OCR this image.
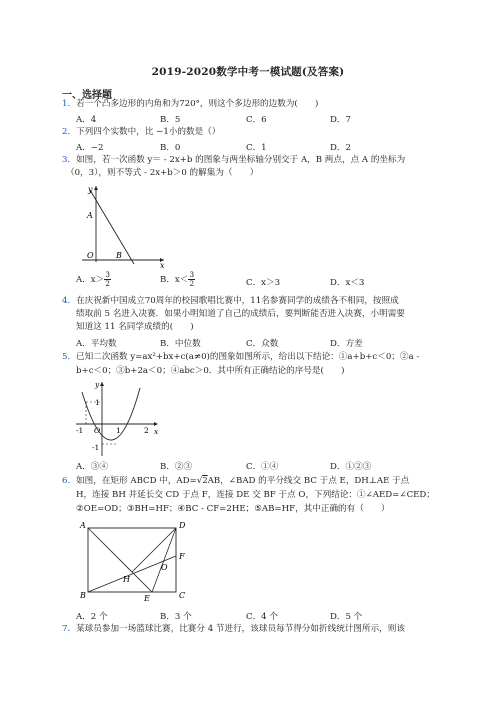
2019-2020数学中考一模试题(及答案)
一、选择题
1．若一个凸多边形的内角和为720°，则这个多边形的边数为(　　)
A．4	B．5	C．6	D．7
2．下列四个实数中，比 −1小的数是（）
A．−2	B．0	C．1	D．2
3．如图，若一次函数 y＝ - 2x+b 的图象与两坐标轴分别交于 A，B 两点，点 A 的坐标为
（0，3），则不等式 - 2x+b＞0 的解集为（　　）
y
x
A
O	B
A．$x> \frac{3}{2}$	B．$x< \frac{3}{2}$	C．x＞3	D．x＜3
4．在庆祝新中国成立70周年的校园歌唱比赛中，11名参赛同学的成绩各不相同，按照成
绩取前 5 名进入决赛．如果小明知道了自己的成绩后，要判断能否进入决赛，小明需要
知道这 11 名同学成绩的(　　)
A．平均数	B．中位数	C．众数	D．方差
5．已知二次函数 y=ax²+bx+c(a≠0)的图象如图所示，给出以下结论：①a+b+c＜0；②a -
b+c＜0；③b+2a＜0；④abc＞0．其中所有正确结论的序号是(　　)
y
x
1
-1 O 1	2
-1
A．③④	B．②③	C．①④	D．①②③
6．如图，在矩形 ABCD 中，AD=√2AB，∠BAD 的平分线交 BC 于点 E，DH⊥AE 于点
H，连接 BH 并延长交 CD 于点 F，连接 DE 交 BF 于点 O，下列结论：①∠AED=∠CED；
②OE=OD；③BH=HF；④BC - CF=2HE；⑤AB=HF，其中正确的有（　　）
A	D
F
O
H
B	E	C
A．2 个	B．3 个	C．4 个	D．5 个
7．某球员参加一场篮球比赛，比赛分 4 节进行，该球员每节得分如折线统计图所示，则该
